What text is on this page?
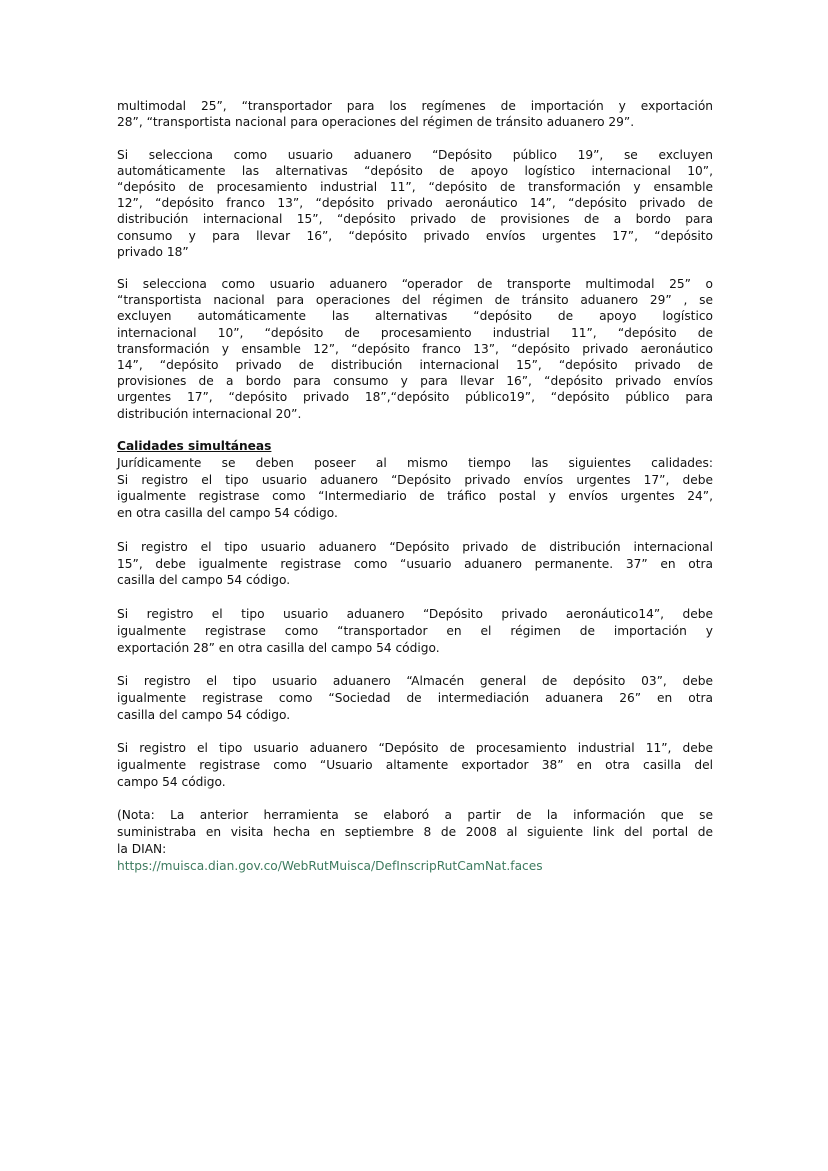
multimodal 25”, “transportador para los regímenes de importación y exportación
28”, “transportista nacional para operaciones del régimen de tránsito aduanero 29”.
Si selecciona como usuario aduanero “Depósito público 19”, se excluyen
automáticamente las alternativas “depósito de apoyo logístico internacional 10”,
“depósito de procesamiento industrial 11”, “depósito de transformación y ensamble
12”, “depósito franco 13”, “depósito privado aeronáutico 14”, “depósito privado de
distribución internacional 15”, “depósito privado de provisiones de a bordo para
consumo y para llevar 16”, “depósito privado envíos urgentes 17”, “depósito
privado 18”
Si selecciona como usuario aduanero “operador de transporte multimodal 25” o
“transportista nacional para operaciones del régimen de tránsito aduanero 29” , se
excluyen automáticamente las alternativas “depósito de apoyo logístico
internacional 10”, “depósito de procesamiento industrial 11”, “depósito de
transformación y ensamble 12”, “depósito franco 13”, “depósito privado aeronáutico
14”, “depósito privado de distribución internacional 15”, “depósito privado de
provisiones de a bordo para consumo y para llevar 16”, “depósito privado envíos
urgentes 17”, “depósito privado 18”,“depósito público19”, “depósito público para
distribución internacional 20”.
Calidades simultáneas
Jurídicamente se deben poseer al mismo tiempo las siguientes calidades:
Si registro el tipo usuario aduanero “Depósito privado envíos urgentes 17”, debe
igualmente registrase como “Intermediario de tráfico postal y envíos urgentes 24”,
en otra casilla del campo 54 código.
Si registro el tipo usuario aduanero “Depósito privado de distribución internacional
15”, debe igualmente registrase como “usuario aduanero permanente. 37” en otra
casilla del campo 54 código.
Si registro el tipo usuario aduanero “Depósito privado aeronáutico14”, debe
igualmente registrase como “transportador en el régimen de importación y
exportación 28” en otra casilla del campo 54 código.
Si registro el tipo usuario aduanero “Almacén general de depósito 03”, debe
igualmente registrase como “Sociedad de intermediación aduanera 26” en otra
casilla del campo 54 código.
Si registro el tipo usuario aduanero “Depósito de procesamiento industrial 11”, debe
igualmente registrase como “Usuario altamente exportador 38” en otra casilla del
campo 54 código.
(Nota: La anterior herramienta se elaboró a partir de la información que se
suministraba en visita hecha en septiembre 8 de 2008 al siguiente link del portal de
la DIAN:
https://muisca.dian.gov.co/WebRutMuisca/DefInscripRutCamNat.faces
